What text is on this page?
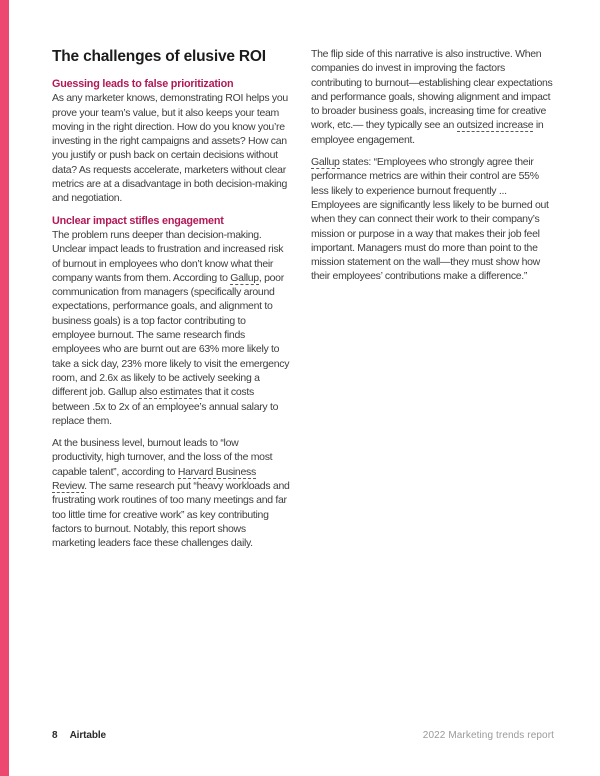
The challenges of elusive ROI
Guessing leads to false prioritization

As any marketer knows, demonstrating ROI helps you prove your team’s value, but it also keeps your team moving in the right direction. How do you know you’re investing in the right campaigns and assets? How can you justify or push back on certain decisions without data? As requests accelerate, marketers without clear metrics are at a disadvantage in both decision-making and negotiation.

Unclear impact stifles engagement

The problem runs deeper than decision-making. Unclear impact leads to frustration and increased risk of burnout in employees who don’t know what their company wants from them. According to Gallup, poor communication from managers (specifically around expectations, performance goals, and alignment to business goals) is a top factor contributing to employee burnout. The same research finds employees who are burnt out are 63% more likely to take a sick day, 23% more likely to visit the emergency room, and 2.6x as likely to be actively seeking a different job. Gallup also estimates that it costs between .5x to 2x of an employee’s annual salary to replace them.

At the business level, burnout leads to “low productivity, high turnover, and the loss of the most capable talent”, according to Harvard Business Review. The same research put “heavy workloads and frustrating work routines of too many meetings and far too little time for creative work” as key contributing factors to burnout. Notably, this report shows marketing leaders face these challenges daily.

The flip side of this narrative is also instructive. When companies do invest in improving the factors contributing to burnout—establishing clear expectations and performance goals, showing alignment and impact to broader business goals, increasing time for creative work, etc.— they typically see an outsized increase in employee engagement.

Gallup states: “Employees who strongly agree their performance metrics are within their control are 55% less likely to experience burnout frequently ... Employees are significantly less likely to be burned out when they can connect their work to their company’s mission or purpose in a way that makes their job feel important. Managers must do more than point to the mission statement on the wall—they must show how their employees’ contributions make a difference.”

8 Airtable	2022 Marketing trends report
